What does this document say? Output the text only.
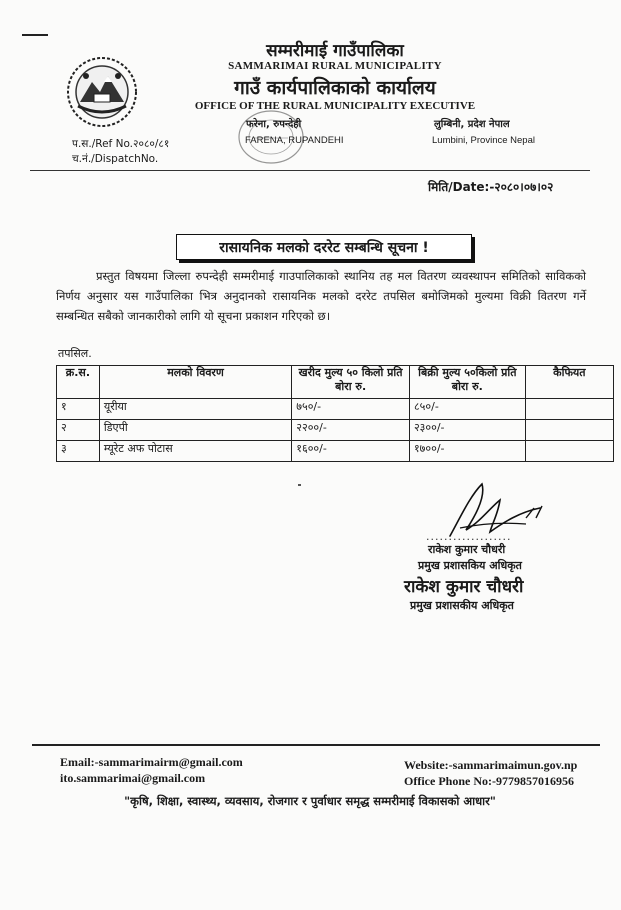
सम्मरीमाई गाउँपालिका
SAMMARIMAI RURAL MUNICIPALITY
गाउँ कार्यपालिकाको कार्यालय
OFFICE OF THE RURAL MUNICIPALITY EXECUTIVE
फरेना, रुपन्देही
FARENA, RUPANDEHI
लुम्बिनी, प्रदेश नेपाल
Lumbini, Province Nepal
प.स./Ref No.२०८०/८१
च.नं./DispatchNo.
मिति/Date:-२०८०।०७।०२
रासायनिक मलको दररेट सम्बन्धि सूचना !
प्रस्तुत विषयमा जिल्ला रुपन्देही सम्मरीमाई गाउपालिकाको स्थानिय तह मल वितरण व्यवस्थापन समितिको साविकको निर्णय अनुसार यस गाउँपालिका भित्र अनुदानको रासायनिक मलको दररेट तपसिल बमोजिमको मुल्यमा विक्री वितरण गर्ने सम्बन्धित सबैको जानकारीको लागि यो सूचना प्रकाशन गरिएको छ।
तपसिल.
क्र.स.	मलको विवरण	खरीद मुल्य ५० किलो प्रति बोरा रु.	बिक्री मुल्य ५०किलो प्रति बोरा रु.	कैफियत
१	यूरीया	७५०/-	८५०/-	
२	डिएपी	२२००/-	२३००/-	
३	म्यूरेट अफ पोटास	१६००/-	१७००/-	
...................
राकेश कुमार चौधरी
प्रमुख प्रशासकिय अधिकृत
राकेश कुमार चौधरी
प्रमुख प्रशासकीय अधिकृत
Email:-sammarimairm@gmail.com
ito.sammarimai@gmail.com
Website:-sammarimaimun.gov.np
Office Phone No:-9779857016956
"कृषि, शिक्षा, स्वास्थ्य, व्यवसाय, रोजगार र पुर्वाधार समृद्ध सम्मरीमाई विकासको आधार"
